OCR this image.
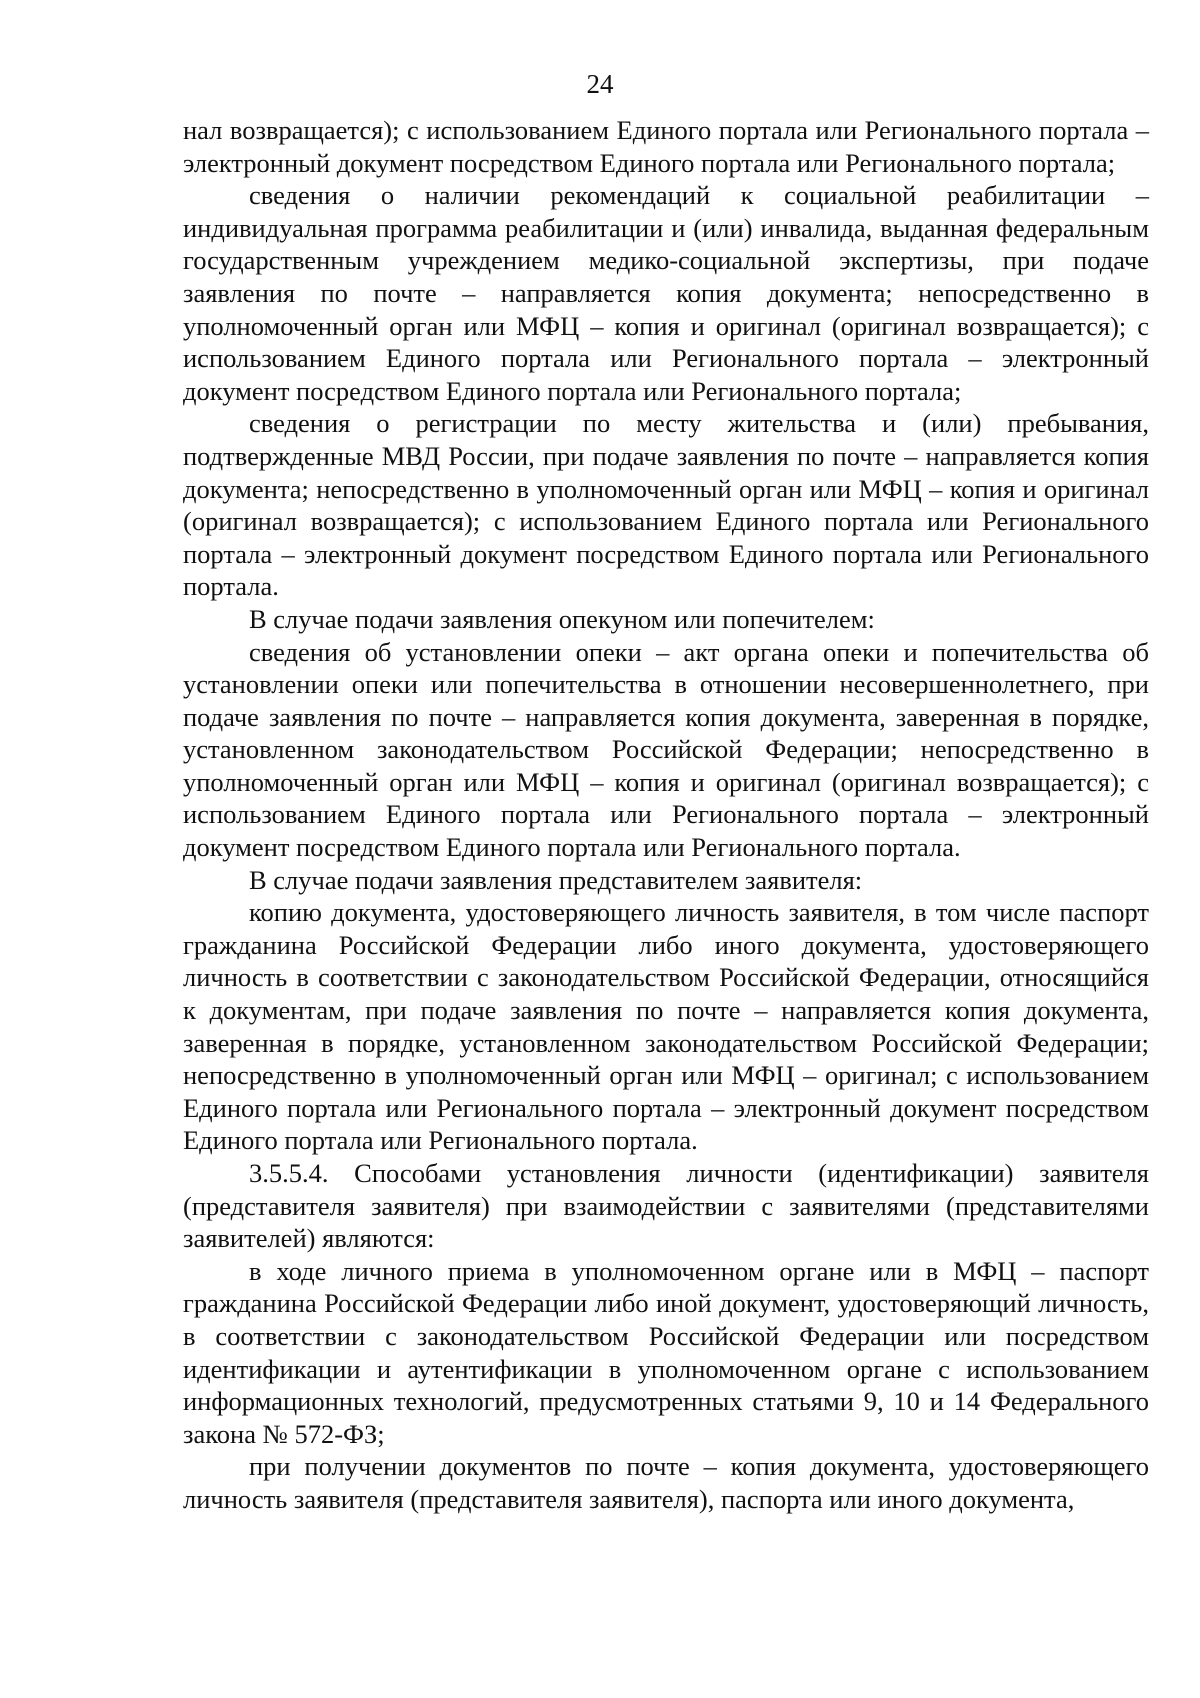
24

нал возвращается); с использованием Единого портала или Регионального портала – электронный документ посредством Единого портала или Регионального портала;

сведения о наличии рекомендаций к социальной реабилитации – индивидуальная программа реабилитации и (или) инвалида, выданная федеральным государственным учреждением медико-социальной экспертизы, при подаче заявления по почте – направляется копия документа; непосредственно в уполномоченный орган или МФЦ – копия и оригинал (оригинал возвращается); с использованием Единого портала или Регионального портала – электронный документ посредством Единого портала или Регионального портала;

сведения о регистрации по месту жительства и (или) пребывания, подтвержденные МВД России, при подаче заявления по почте – направляется копия документа; непосредственно в уполномоченный орган или МФЦ – копия и оригинал (оригинал возвращается); с использованием Единого портала или Регионального портала – электронный документ посредством Единого портала или Регионального портала.

В случае подачи заявления опекуном или попечителем:

сведения об установлении опеки – акт органа опеки и попечительства об установлении опеки или попечительства в отношении несовершеннолетнего, при подаче заявления по почте – направляется копия документа, заверенная в порядке, установленном законодательством Российской Федерации; непосредственно в уполномоченный орган или МФЦ – копия и оригинал (оригинал возвращается); с использованием Единого портала или Регионального портала – электронный документ посредством Единого портала или Регионального портала.

В случае подачи заявления представителем заявителя:

копию документа, удостоверяющего личность заявителя, в том числе паспорт гражданина Российской Федерации либо иного документа, удостоверяющего личность в соответствии с законодательством Российской Федерации, относящийся к документам, при подаче заявления по почте – направляется копия документа, заверенная в порядке, установленном законодательством Российской Федерации; непосредственно в уполномоченный орган или МФЦ – оригинал; с использованием Единого портала или Регионального портала – электронный документ посредством Единого портала или Регионального портала.

3.5.5.4. Способами установления личности (идентификации) заявителя (представителя заявителя) при взаимодействии с заявителями (представителями заявителей) являются:

в ходе личного приема в уполномоченном органе или в МФЦ – паспорт гражданина Российской Федерации либо иной документ, удостоверяющий личность, в соответствии с законодательством Российской Федерации или посредством идентификации и аутентификации в уполномоченном органе с использованием информационных технологий, предусмотренных статьями 9, 10 и 14 Федерального закона № 572-ФЗ;

при получении документов по почте – копия документа, удостоверяющего личность заявителя (представителя заявителя), паспорта или иного документа,
